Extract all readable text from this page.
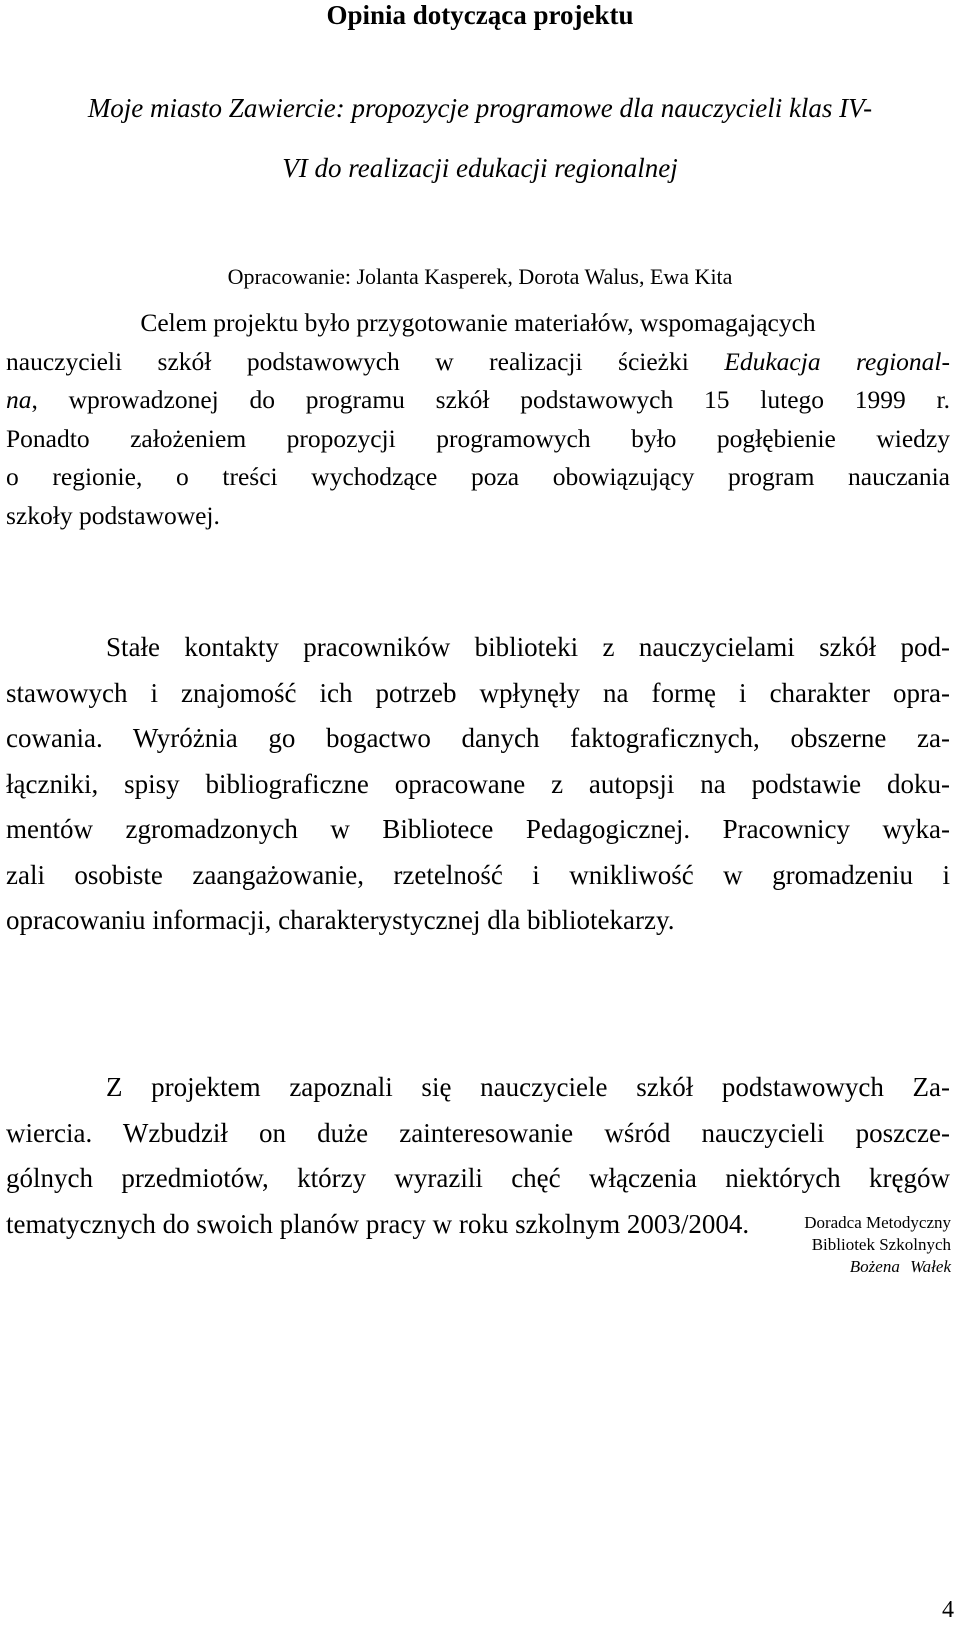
Opinia dotycząca projektu
Moje miasto Zawiercie: propozycje programowe dla nauczycieli klas IV-
VI do realizacji edukacji regionalnej
Opracowanie: Jolanta Kasperek, Dorota Walus, Ewa Kita
Celem projektu było przygotowanie materiałów, wspomagających
nauczycieli szkół podstawowych w realizacji ścieżki Edukacja regional-
na, wprowadzonej do programu szkół podstawowych 15 lutego 1999 r.
Ponadto założeniem propozycji programowych było pogłębienie wiedzy
o regionie, o treści wychodzące poza obowiązujący program nauczania
szkoły podstawowej.
Stałe kontakty pracowników biblioteki z nauczycielami szkół pod-
stawowych i znajomość ich potrzeb wpłynęły na formę i charakter opra-
cowania. Wyróżnia go bogactwo danych faktograficznych, obszerne za-
łączniki, spisy bibliograficzne opracowane z autopsji na podstawie doku-
mentów zgromadzonych w Bibliotece Pedagogicznej. Pracownicy wyka-
zali osobiste zaangażowanie, rzetelność i wnikliwość w gromadzeniu i
opracowaniu informacji, charakterystycznej dla bibliotekarzy.
Z projektem zapoznali się nauczyciele szkół podstawowych Za-
wiercia. Wzbudził on duże zainteresowanie wśród nauczycieli poszcze-
gólnych przedmiotów, którzy wyrazili chęć włączenia niektórych kręgów
tematycznych do swoich planów pracy w roku szkolnym 2003/2004.	Doradca Metodyczny
Bibliotek Szkolnych
Bożena Wałek
4
